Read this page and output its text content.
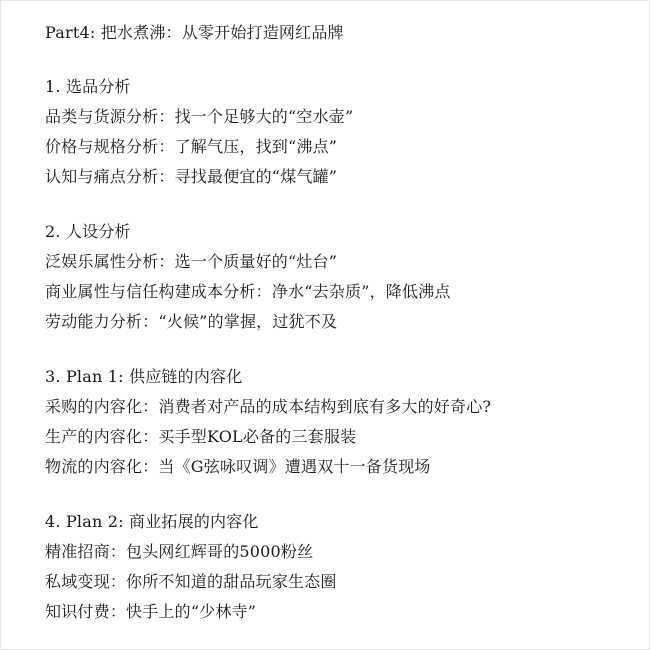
Part4: 把水煮沸：从零开始打造网红品牌
1. 选品分析
品类与货源分析：找一个足够大的“空水壶”
价格与规格分析：了解气压，找到“沸点”
认知与痛点分析：寻找最便宜的“煤气罐”
2. 人设分析
泛娱乐属性分析：选一个质量好的“灶台”
商业属性与信任构建成本分析：净水“去杂质”，降低沸点
劳动能力分析：“火候”的掌握，过犹不及
3. Plan 1: 供应链的内容化
采购的内容化：消费者对产品的成本结构到底有多大的好奇心?
生产的内容化：买手型KOL必备的三套服装
物流的内容化：当《G弦咏叹调》遭遇双十一备货现场
4. Plan 2: 商业拓展的内容化
精准招商：包头网红辉哥的5000粉丝
私域变现：你所不知道的甜品玩家生态圈
知识付费：快手上的“少林寺”
